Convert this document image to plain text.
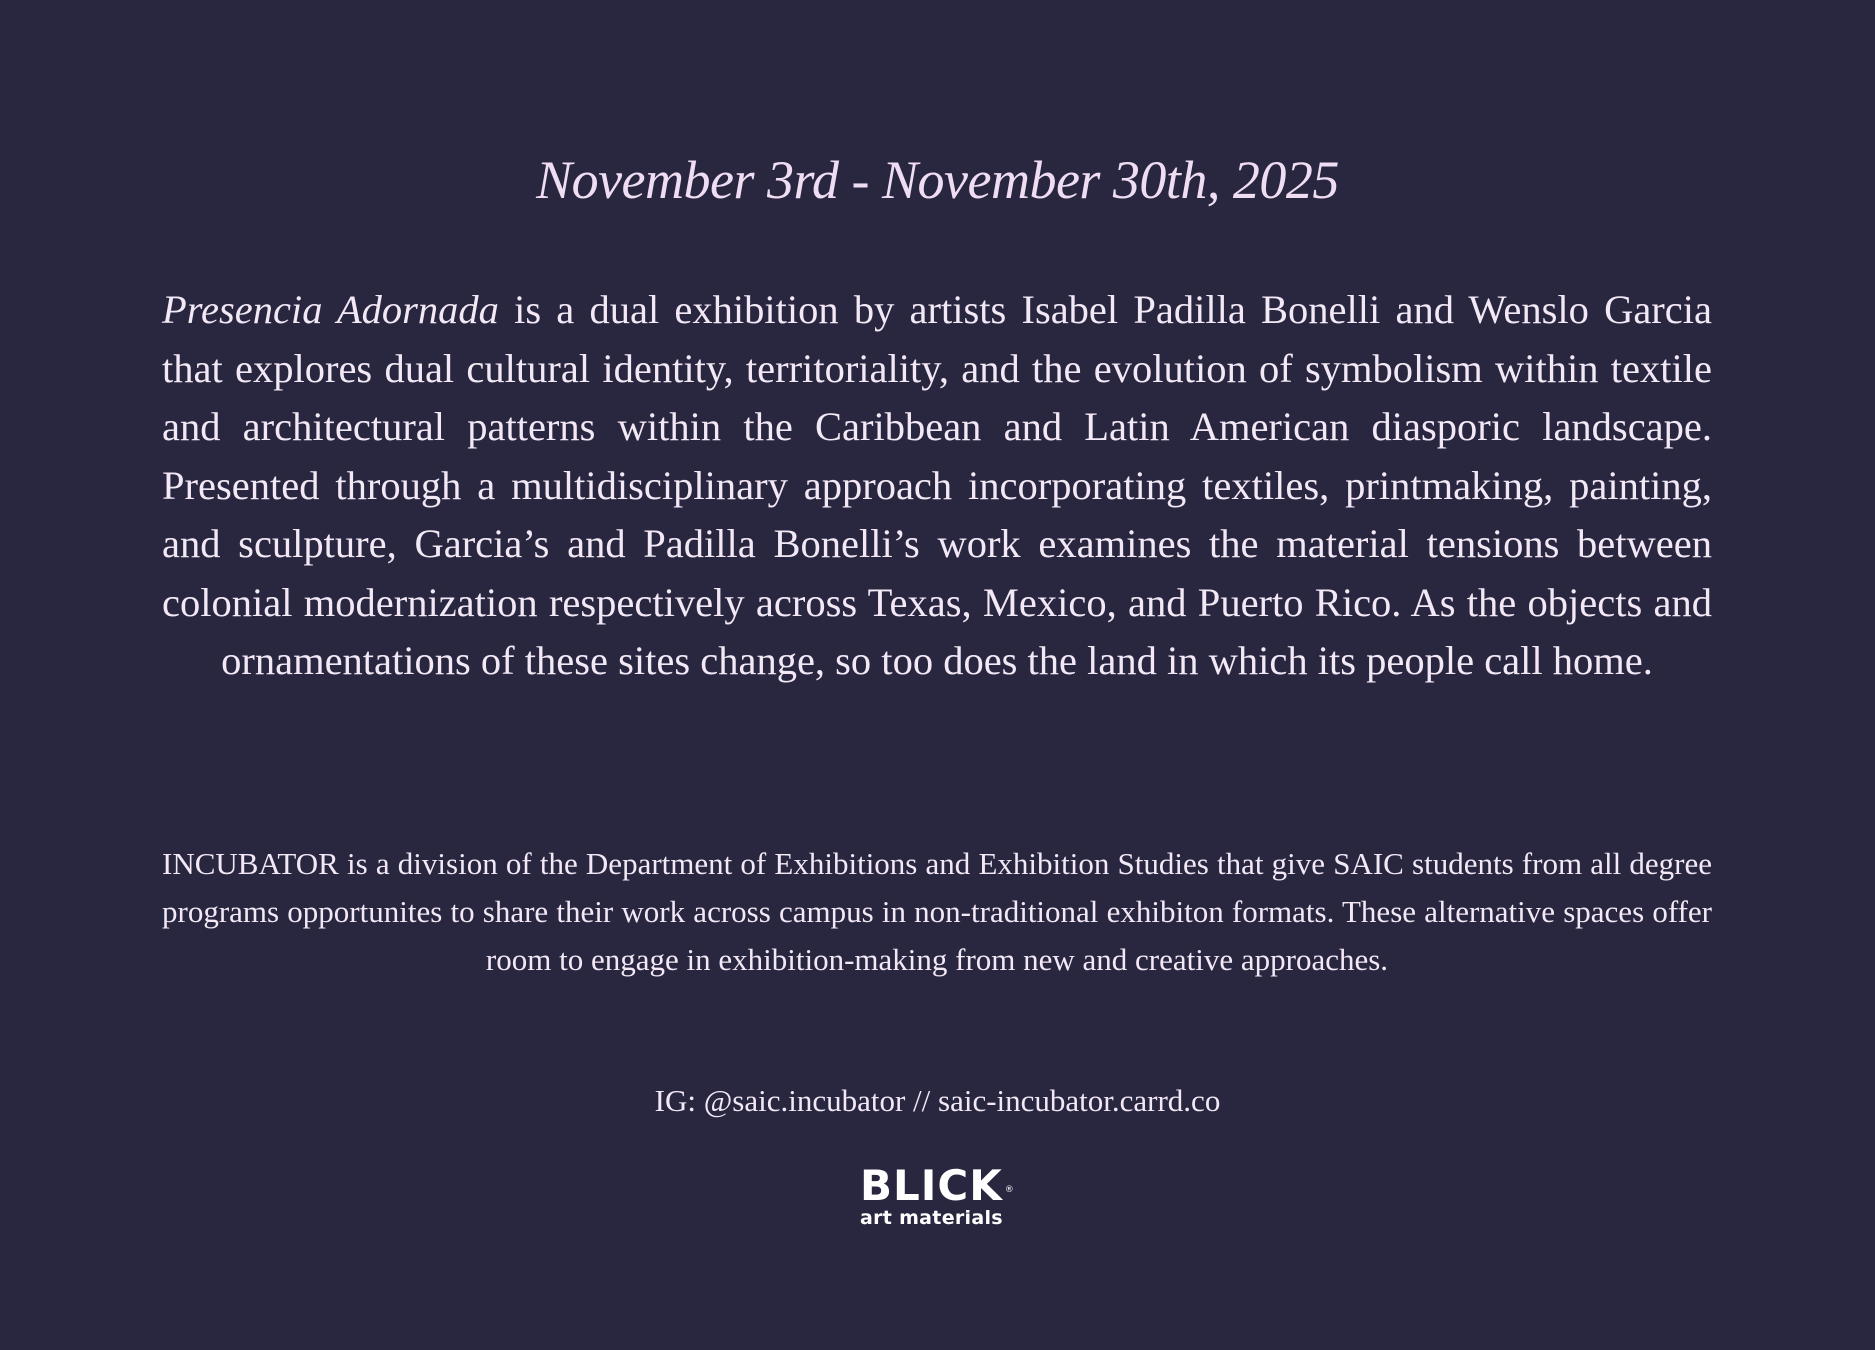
November 3rd - November 30th, 2025

Presencia Adornada is a dual exhibition by artists Isabel Padilla Bonelli and Wenslo Garcia that explores dual cultural identity, territoriality, and the evolution of symbolism within textile and architectural patterns within the Caribbean and Latin American diasporic landscape. Presented through a multidisciplinary approach incorporating textiles, printmaking, painting, and sculpture, Garcia’s and Padilla Bonelli’s work examines the material tensions between colonial modernization respectively across Texas, Mexico, and Puerto Rico. As the objects and ornamentations of these sites change, so too does the land in which its people call home.

INCUBATOR is a division of the Department of Exhibitions and Exhibition Studies that give SAIC students from all degree programs opportunites to share their work across campus in non-traditional exhibiton formats. These alternative spaces offer room to engage in exhibition-making from new and creative approaches.

IG: @saic.incubator // saic-incubator.carrd.co
BLICK ®
art materials
